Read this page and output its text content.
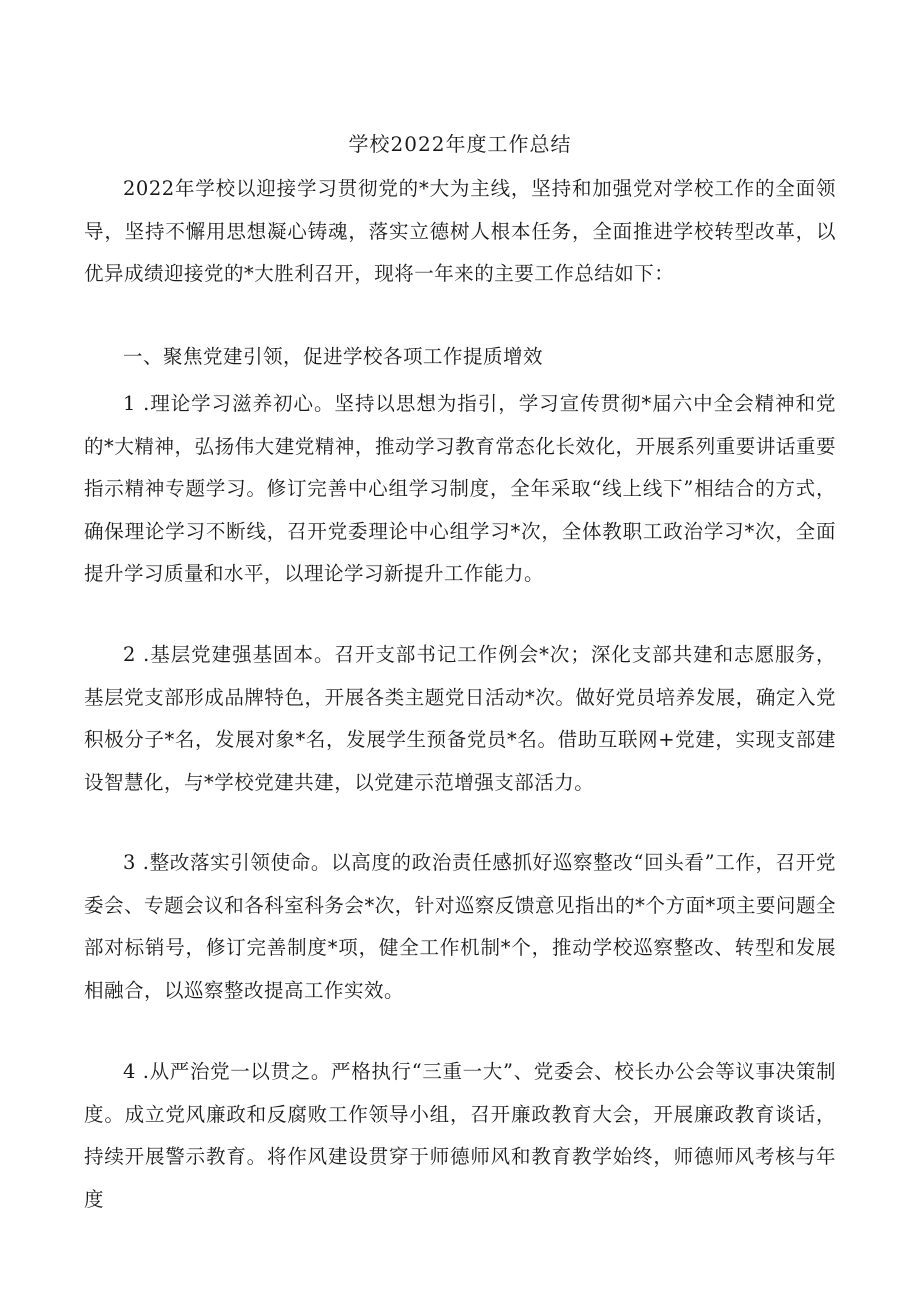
学校2022年度工作总结

2022年学校以迎接学习贯彻党的*大为主线，坚持和加强党对学校工作的全面领导，坚持不懈用思想凝心铸魂，落实立德树人根本任务，全面推进学校转型改革，以优异成绩迎接党的*大胜利召开，现将一年来的主要工作总结如下：

一、聚焦党建引领，促进学校各项工作提质增效

1 .理论学习滋养初心。坚持以思想为指引，学习宣传贯彻*届六中全会精神和党的*大精神，弘扬伟大建党精神，推动学习教育常态化长效化，开展系列重要讲话重要指示精神专题学习。修订完善中心组学习制度，全年采取“线上线下”相结合的方式，确保理论学习不断线，召开党委理论中心组学习*次，全体教职工政治学习*次，全面提升学习质量和水平，以理论学习新提升工作能力。

2 .基层党建强基固本。召开支部书记工作例会*次；深化支部共建和志愿服务，基层党支部形成品牌特色，开展各类主题党日活动*次。做好党员培养发展，确定入党积极分子*名，发展对象*名，发展学生预备党员*名。借助互联网+党建，实现支部建设智慧化，与*学校党建共建，以党建示范增强支部活力。

3 .整改落实引领使命。以高度的政治责任感抓好巡察整改“回头看”工作，召开党委会、专题会议和各科室科务会*次，针对巡察反馈意见指出的*个方面*项主要问题全部对标销号，修订完善制度*项，健全工作机制*个，推动学校巡察整改、转型和发展相融合，以巡察整改提高工作实效。

4 .从严治党一以贯之。严格执行“三重一大”、党委会、校长办公会等议事决策制度。成立党风廉政和反腐败工作领导小组，召开廉政教育大会，开展廉政教育谈话，持续开展警示教育。将作风建设贯穿于师德师风和教育教学始终，师德师风考核与年度
